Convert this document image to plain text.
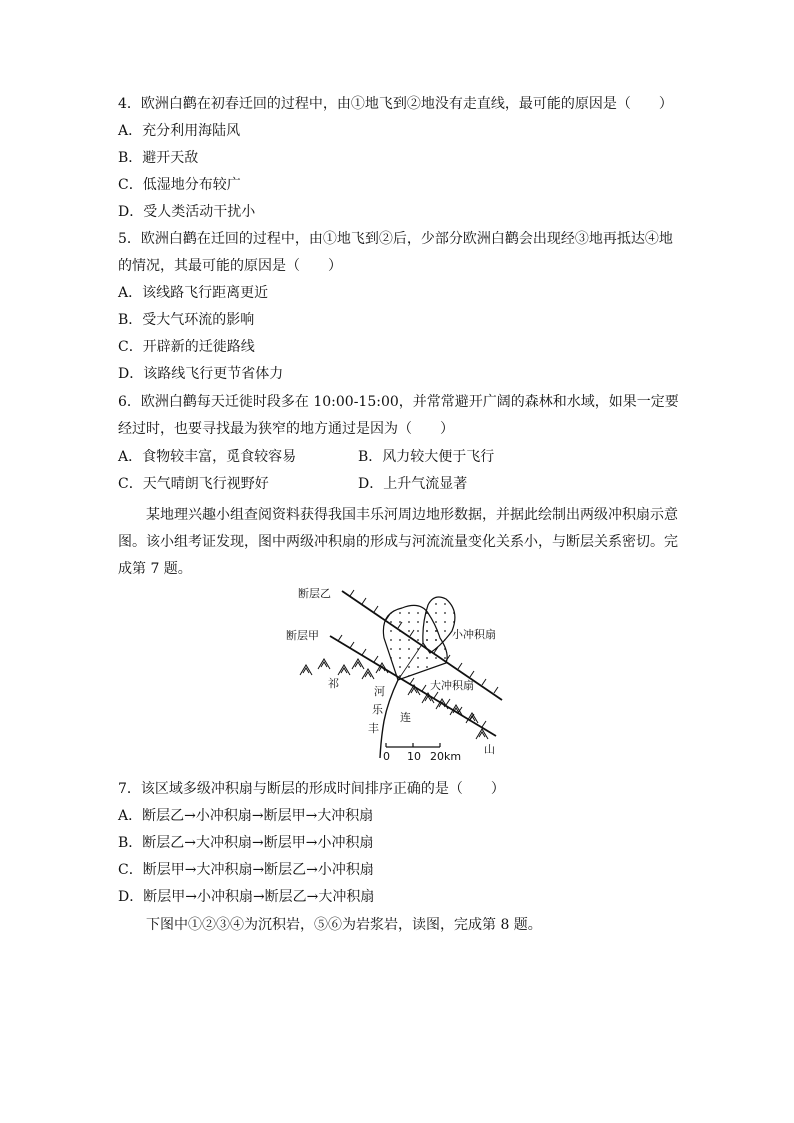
4．欧洲白鹳在初春迁回的过程中，由①地飞到②地没有走直线，最可能的原因是（　　）
A．充分利用海陆风
B．避开天敌
C．低湿地分布较广
D．受人类活动干扰小
5．欧洲白鹳在迁回的过程中，由①地飞到②后，少部分欧洲白鹳会出现经③地再抵达④地
的情况，其最可能的原因是（　　）
A．该线路飞行距离更近
B．受大气环流的影响
C．开辟新的迁徙路线
D．该路线飞行更节省体力
6．欧洲白鹳每天迁徙时段多在 10:00-15:00，并常常避开广阔的森林和水域，如果一定要
经过时，也要寻找最为狭窄的地方通过是因为（　　）
A．食物较丰富，觅食较容易	B．风力较大便于飞行
C．天气晴朗飞行视野好	D．上升气流显著
某地理兴趣小组查阅资料获得我国丰乐河周边地形数据，并据此绘制出两级冲积扇示意图。该小组考证发现，图中两级冲积扇的形成与河流流量变化关系小，与断层关系密切。完成第 7 题。
断层乙
断层甲	小冲积扇
大冲积扇
祁
河
乐
丰
连
山
0 10 20km
7．该区域多级冲积扇与断层的形成时间排序正确的是（　　）
A．断层乙→小冲积扇→断层甲→大冲积扇
B．断层乙→大冲积扇→断层甲→小冲积扇
C．断层甲→大冲积扇→断层乙→小冲积扇
D．断层甲→小冲积扇→断层乙→大冲积扇
下图中①②③④为沉积岩，⑤⑥为岩浆岩，读图，完成第 8 题。
